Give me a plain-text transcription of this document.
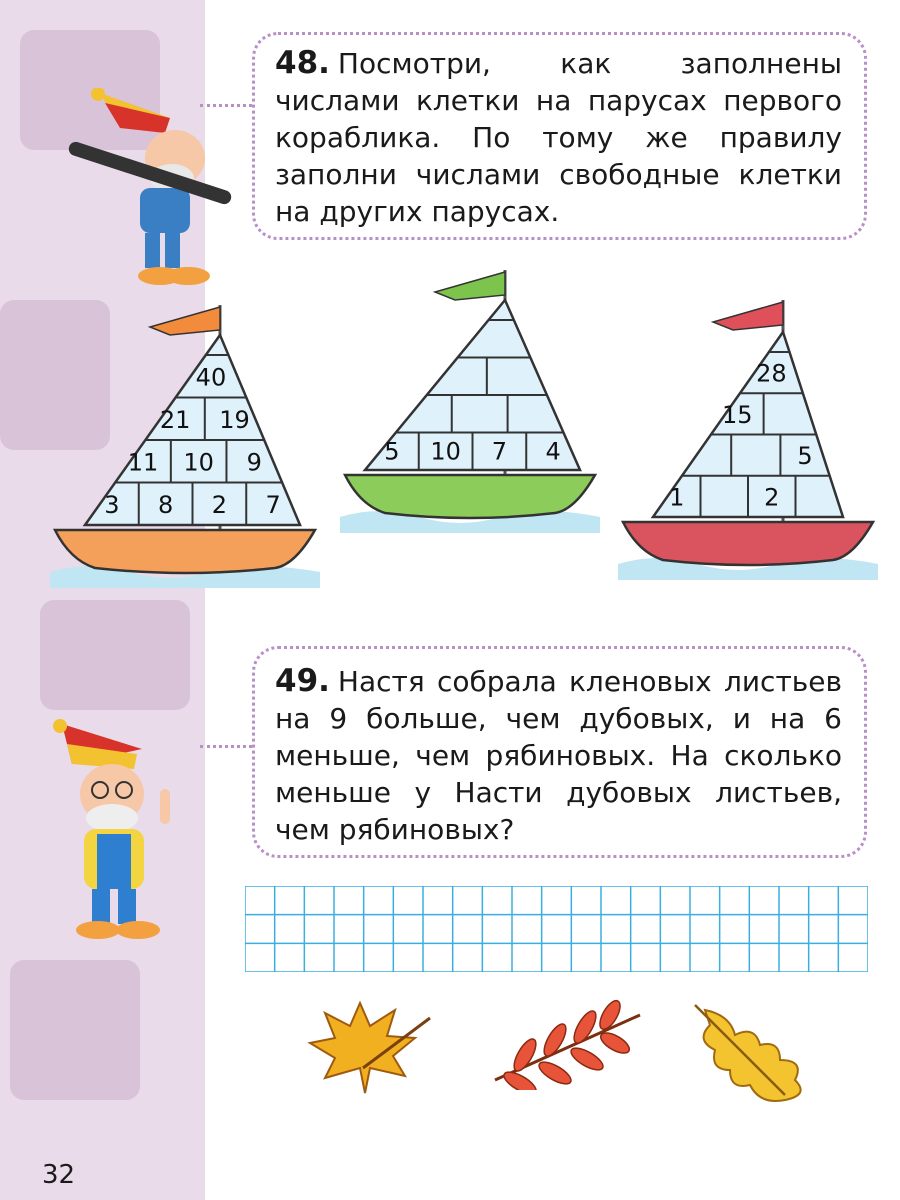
48. Посмотри, как заполнены числами клетки на парусах первого кораблика. По тому же правилу заполни числами свободные клетки на других парусах.
40
21 19
11 10 9
3 8 2 7
5 10 7 4
28
15
5
1	2
49. Настя собрала кленовых листьев на 9 больше, чем дубовых, и на 6 меньше, чем рябиновых. На сколько меньше у Насти дубовых листьев, чем рябиновых?
32
